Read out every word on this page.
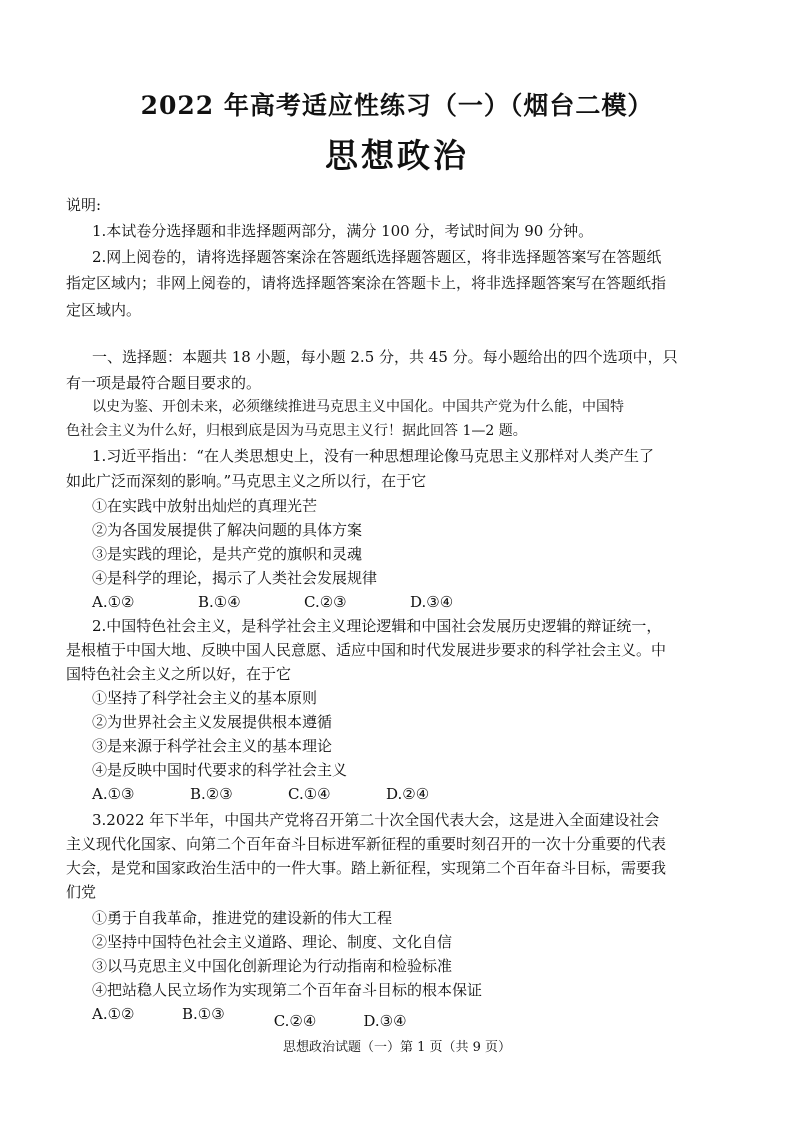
2022 年高考适应性练习（一）（烟台二模）
思想政治
说明:
1.本试卷分选择题和非选择题两部分，满分 100 分，考试时间为 90 分钟。
2.网上阅卷的，请将选择题答案涂在答题纸选择题答题区，将非选择题答案写在答题纸
指定区域内；非网上阅卷的，请将选择题答案涂在答题卡上，将非选择题答案写在答题纸指
定区域内。
一、选择题：本题共 18 小题，每小题 2.5 分，共 45 分。每小题给出的四个选项中，只
有一项是最符合题目要求的。
以史为鉴、开创未来，必须继续推进马克思主义中国化。中国共产党为什么能，中国特
色社会主义为什么好，归根到底是因为马克思主义行！据此回答 1—2 题。
1.习近平指出：“在人类思想史上，没有一种思想理论像马克思主义那样对人类产生了
如此广泛而深刻的影响。”马克思主义之所以行，在于它
①在实践中放射出灿烂的真理光芒
②为各国发展提供了解决问题的具体方案
③是实践的理论，是共产党的旗帜和灵魂
④是科学的理论，揭示了人类社会发展规律
A.①②	B.①④	C.②③	D.③④
2.中国特色社会主义，是科学社会主义理论逻辑和中国社会发展历史逻辑的辩证统一，
是根植于中国大地、反映中国人民意愿、适应中国和时代发展进步要求的科学社会主义。中
国特色社会主义之所以好，在于它
①坚持了科学社会主义的基本原则
②为世界社会主义发展提供根本遵循
③是来源于科学社会主义的基本理论
④是反映中国时代要求的科学社会主义
A.①③	B.②③	C.①④	D.②④
3.2022 年下半年，中国共产党将召开第二十次全国代表大会，这是进入全面建设社会
主义现代化国家、向第二个百年奋斗目标进军新征程的重要时刻召开的一次十分重要的代表
大会，是党和国家政治生活中的一件大事。踏上新征程，实现第二个百年奋斗目标，需要我
们党
①勇于自我革命，推进党的建设新的伟大工程
②坚持中国特色社会主义道路、理论、制度、文化自信
③以马克思主义中国化创新理论为行动指南和检验标准
④把站稳人民立场作为实现第二个百年奋斗目标的根本保证
A.①②	B.①③	C.②④	D.③④
思想政治试题（一）第 1 页（共 9 页）
